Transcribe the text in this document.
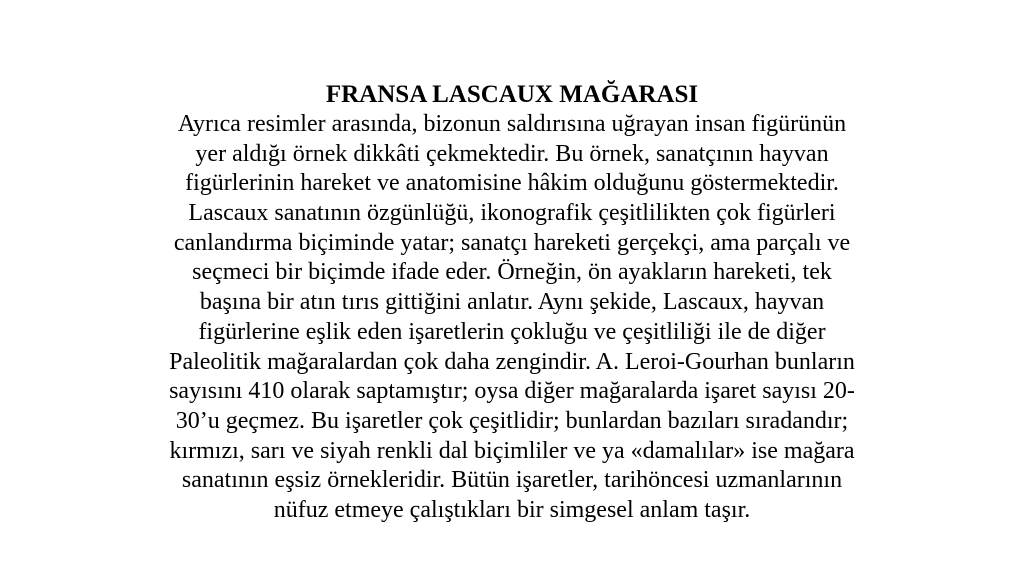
FRANSA LASCAUX MAĞARASI

Ayrıca resimler arasında, bizonun saldırısına uğrayan insan figürünün

yer aldığı örnek dikkâti çekmektedir. Bu örnek, sanatçının hayvan

figürlerinin hareket ve anatomisine hâkim olduğunu göstermektedir.

Lascaux sanatının özgünlüğü, ikonografik çeşitlilikten çok figürleri

canlandırma biçiminde yatar; sanatçı hareketi gerçekçi, ama parçalı ve

seçmeci bir biçimde ifade eder. Örneğin, ön ayakların hareketi, tek

başına bir atın tırıs gittiğini anlatır. Aynı şekide, Lascaux, hayvan

figürlerine eşlik eden işaretlerin çokluğu ve çeşitliliği ile de diğer

Paleolitik mağaralardan çok daha zengindir. A. Leroi-Gourhan bunların

sayısını 410 olarak saptamıştır; oysa diğer mağaralarda işaret sayısı 20-

30’u geçmez. Bu işaretler çok çeşitlidir; bunlardan bazıları sıradandır;

kırmızı, sarı ve siyah renkli dal biçimliler ve ya «damalılar» ise mağara

sanatının eşsiz örnekleridir. Bütün işaretler, tarihöncesi uzmanlarının

nüfuz etmeye çalıştıkları bir simgesel anlam taşır.
